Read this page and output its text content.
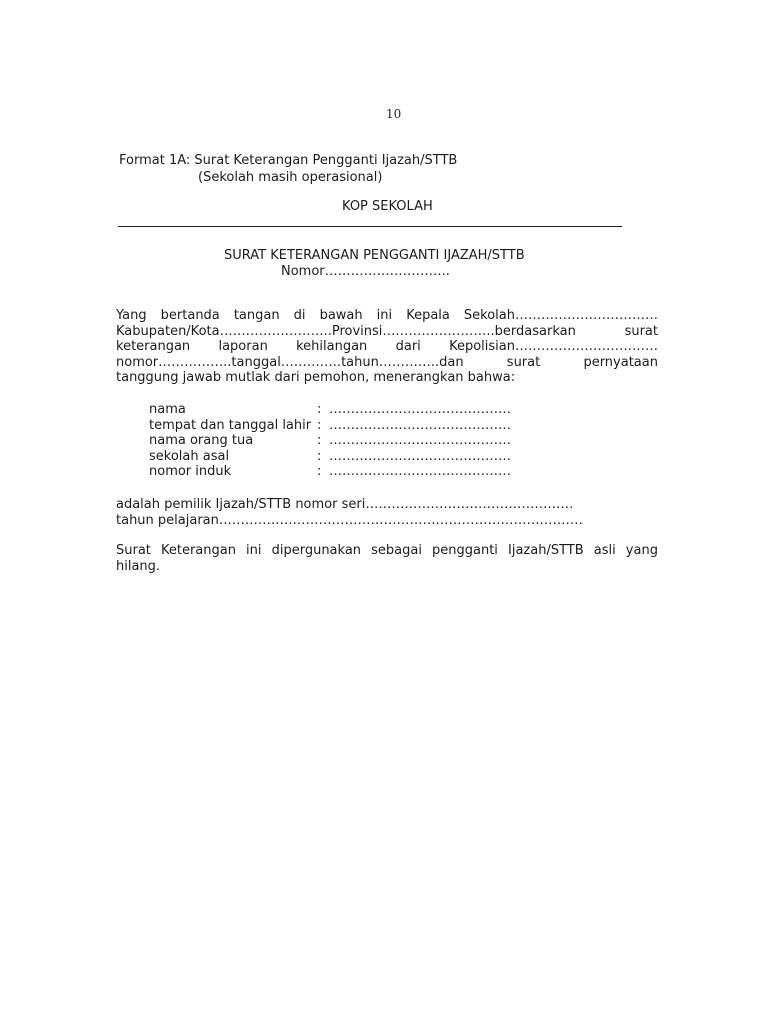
10
Format 1A: Surat Keterangan Pengganti Ijazah/STTB
(Sekolah masih operasional)
KOP SEKOLAH
SURAT KETERANGAN PENGGANTI IJAZAH/STTB
Nomor………………………..
Yang bertanda tangan di bawah ini Kepala Sekolah……………………………
Kabupaten/Kota……………………..Provinsi……………………..berdasarkan	surat
keterangan laporan kehilangan dari Kepolisian……………………………
nomor……………..tanggal…………..tahun…………..dan	surat	pernyataan
tanggung jawab mutlak dari pemohon, menerangkan bahwa:
nama	: ……………………………………
tempat dan tanggal lahir : ……………………………………
nama orang tua	: ……………………………………
sekolah asal	: ……………………………………
nomor induk	: ……………………………………
adalah pemilik Ijazah/STTB nomor seri…………………………………………
tahun pelajaran…………………………………………………………………………
Surat Keterangan ini dipergunakan sebagai pengganti Ijazah/STTB asli yang
hilang.
